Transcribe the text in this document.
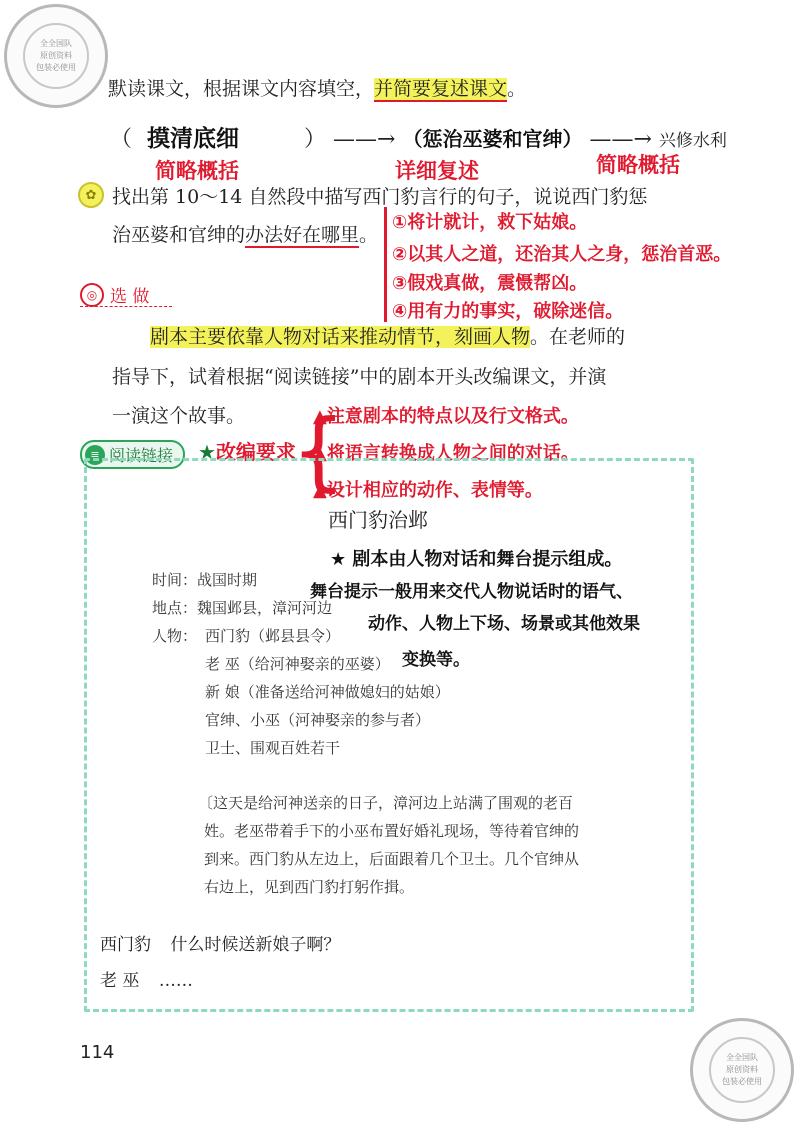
全全国队
原创资料
包装必使用
默读课文，根据课文内容填空，并简要复述课文。
（ 摸清底细	） ——→ （惩治巫婆和官绅） ——→ 兴修水利
简略概括	详细复述	简略概括
✿ 找出第 10～14 自然段中描写西门豹言行的句子，说说西门豹惩
治巫婆和官绅的办法好在哪里。
①将计就计，救下姑娘。
②以其人之道，还治其人之身，惩治首恶。
③假戏真做，震慑帮凶。
④用有力的事实，破除迷信。
◎ 选 做
剧本主要依靠人物对话来推动情节，刻画人物。在老师的
指导下，试着根据“阅读链接”中的剧本开头改编课文，并演
一演这个故事。
≡ 阅读链接 ★改编要求
{
▲注意剧本的特点以及行文格式。
▲将语言转换成人物之间的对话。
▲设计相应的动作、表情等。
西门豹治邺
★ 剧本由人物对话和舞台提示组成。
舞台提示一般用来交代人物说话时的语气、
动作、人物上下场、场景或其他效果
变换等。
时间：战国时期
地点：魏国邺县，漳河河边
人物： 西门豹（邺县县令）
老 巫（给河神娶亲的巫婆）
新 娘（准备送给河神做媳妇的姑娘）
官绅、小巫（河神娶亲的参与者）
卫士、围观百姓若干
〔这天是给河神送亲的日子，漳河边上站满了围观的老百
姓。老巫带着手下的小巫布置好婚礼现场，等待着官绅的
到来。西门豹从左边上，后面跟着几个卫士。几个官绅从
右边上，见到西门豹打躬作揖。
西门豹 什么时候送新娘子啊？
老 巫 ……
114	全全国队
原创资料
包装必使用
